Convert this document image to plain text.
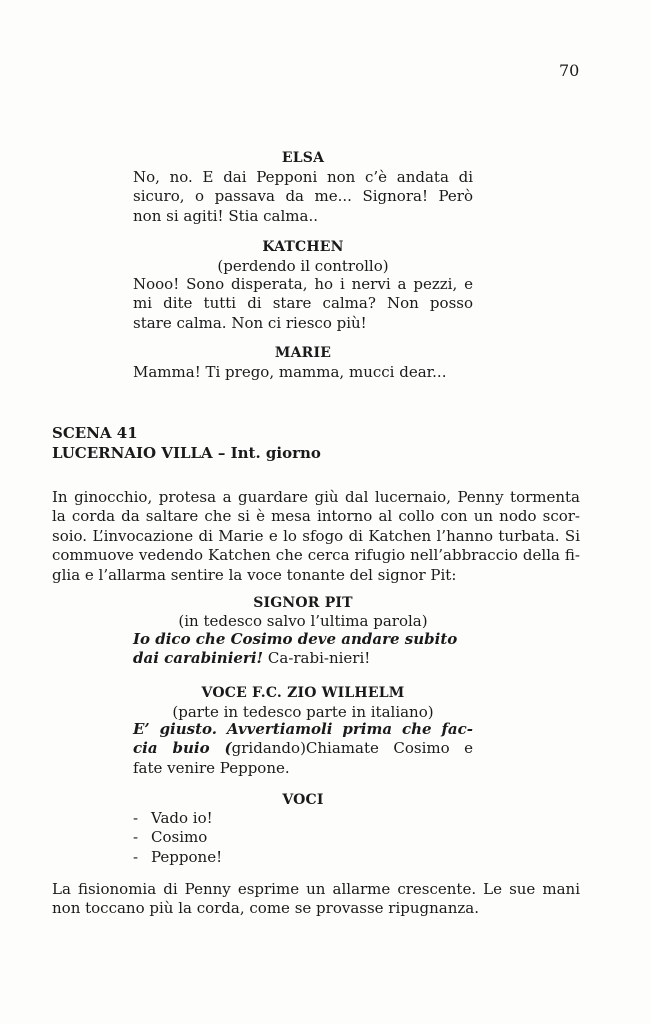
70
ELSA
No, no. E dai Pepponi non c’è andata di
sicuro, o passava da me... Signora! Però
non si agiti! Stia calma..
KATCHEN
(perdendo il controllo)
Nooo! Sono disperata, ho i nervi a pezzi, e
mi dite tutti di stare calma? Non posso
stare calma. Non ci riesco più!
MARIE
Mamma! Ti prego, mamma, mucci dear...
SCENA 41
LUCERNAIO VILLA – Int. giorno
In ginocchio, protesa a guardare giù dal lucernaio, Penny tormenta
la corda da saltare che si è mesa intorno al collo con un nodo scor-
soio. L’invocazione di Marie e lo sfogo di Katchen l’hanno turbata. Si
commuove vedendo Katchen che cerca rifugio nell’abbraccio della fi-
glia e l’allarma sentire la voce tonante del signor Pit:
SIGNOR PIT
(in tedesco salvo l’ultima parola)
Io dico che Cosimo deve andare subito
dai carabinieri! Ca-rabi-nieri!
VOCE F.C. ZIO WILHELM
(parte in tedesco parte in italiano)
E’ giusto. Avvertiamoli prima che fac-
cia buio (gridando)Chiamate Cosimo e
fate venire Peppone.
VOCI
- Vado io!
- Cosimo
- Peppone!
La fisionomia di Penny esprime un allarme crescente. Le sue mani
non toccano più la corda, come se provasse ripugnanza.
